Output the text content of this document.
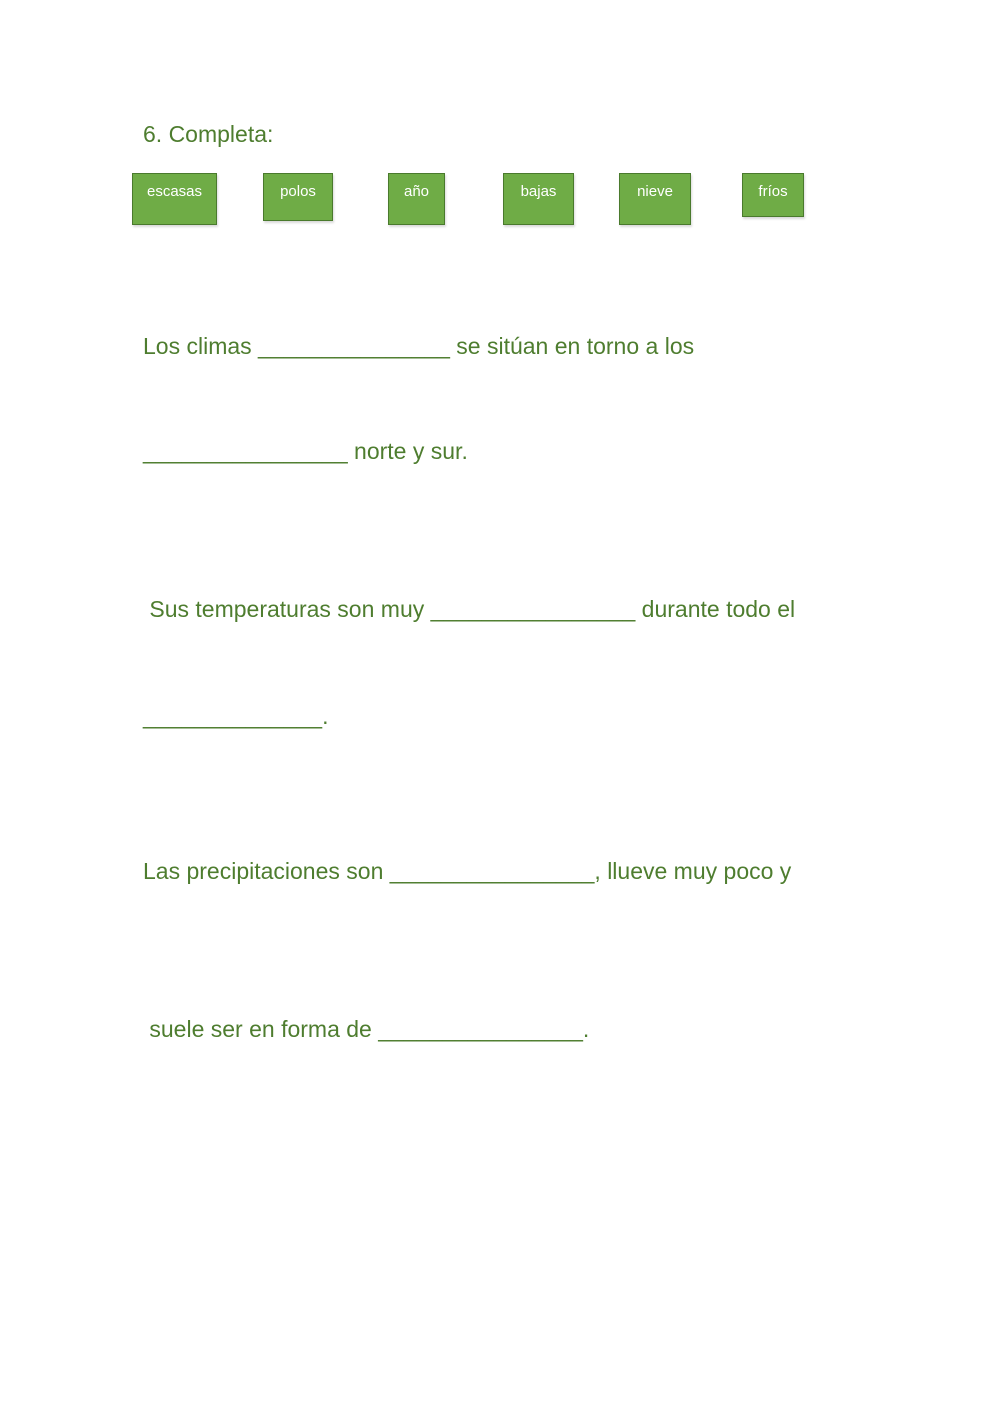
6. Completa:
escasas	polos	año	bajas	nieve	fríos
Los climas _______________ se sitúan en torno a los
________________ norte y sur.
Sus temperaturas son muy ________________ durante todo el
______________.
Las precipitaciones son ________________, llueve muy poco y
suele ser en forma de ________________.
